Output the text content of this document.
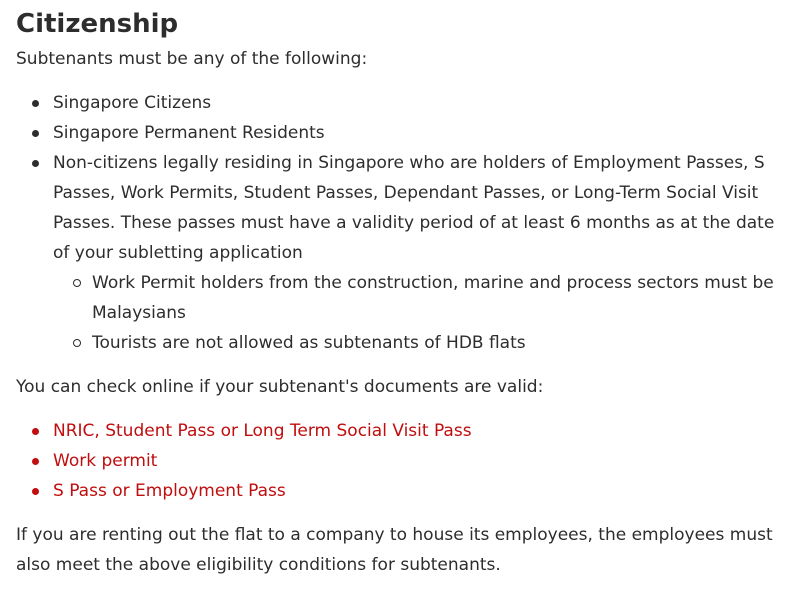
Citizenship

Subtenants must be any of the following:

Singapore Citizens
Singapore Permanent Residents
Non-citizens legally residing in Singapore who are holders of Employment Passes, S Passes, Work Permits, Student Passes, Dependant Passes, or Long-Term Social Visit Passes. These passes must have a validity period of at least 6 months as at the date of your subletting application
Work Permit holders from the construction, marine and process sectors must be Malaysians
Tourists are not allowed as subtenants of HDB flats

You can check online if your subtenant's documents are valid:

NRIC, Student Pass or Long Term Social Visit Pass
Work permit
S Pass or Employment Pass

If you are renting out the flat to a company to house its employees, the employees must also meet the above eligibility conditions for subtenants.
